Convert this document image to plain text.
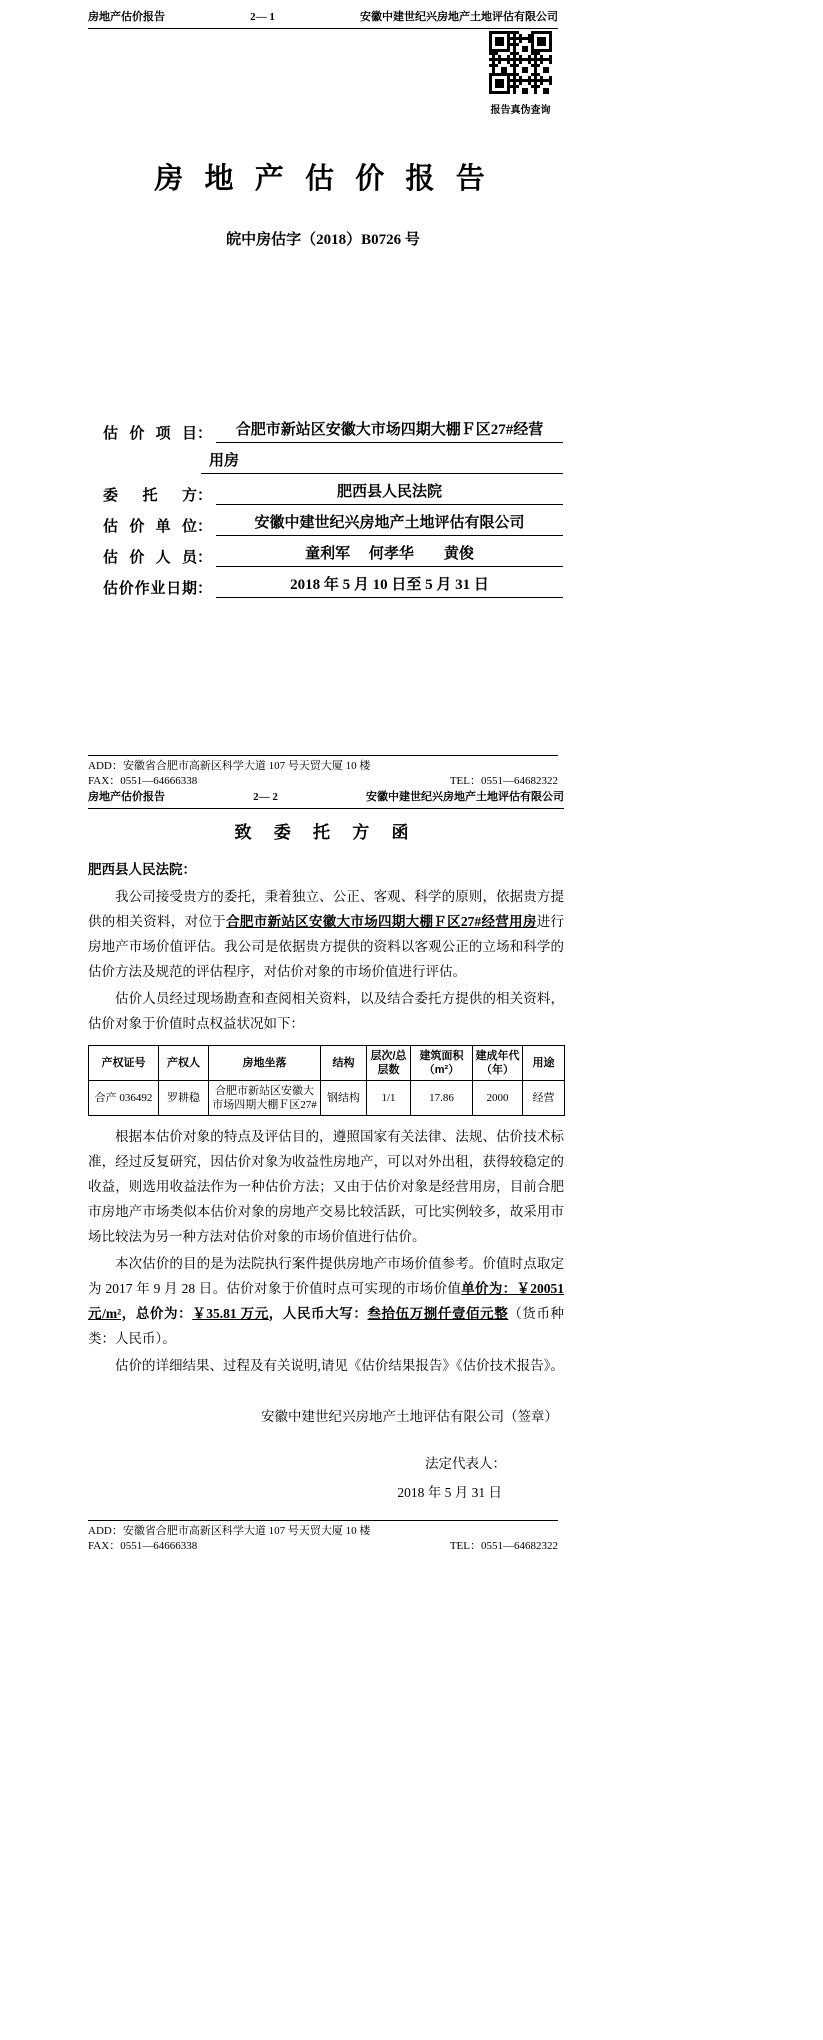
房地产估价报告	2— 1	安徽中建世纪兴房地产土地评估有限公司
报告真伪查询
房 地 产 估 价 报 告
皖中房估字（2018）B0726 号
估价项目 ：	合肥市新站区安徽大市场四期大棚Ｆ区27#经营
用房
委托方 ：	肥西县人民法院
估价单位 ：	安徽中建世纪兴房地产土地评估有限公司
估价人员 ：	童利军　 何孝华　　黄俊
估价作业日期 ：	2018 年 5 月 10 日至 5 月 31 日
ADD：安徽省合肥市高新区科学大道 107 号天贸大厦 10 楼
FAX：0551—64666338	TEL：0551—64682322
房地产估价报告	2— 2	安徽中建世纪兴房地产土地评估有限公司
致 委 托 方 函
肥西县人民法院：

我公司接受贵方的委托，秉着独立、公正、客观、科学的原则，依据贵方提供的相关资料，对位于合肥市新站区安徽大市场四期大棚Ｆ区27#经营用房进行房地产市场价值评估。我公司是依据贵方提供的资料以客观公正的立场和科学的估价方法及规范的评估程序，对估价对象的市场价值进行评估。

估价人员经过现场勘查和查阅相关资料，以及结合委托方提供的相关资料，估价对象于价值时点权益状况如下：

产权证号	产权人	房地坐落	结构	层次/总层数	建筑面积（m²）	建成年代（年）	用途
合产 036492	罗耕稳	合肥市新站区安徽大市场四期大棚Ｆ区27#	钢结构	1/1	17.86	2000	经营

根据本估价对象的特点及评估目的，遵照国家有关法律、法规、估价技术标准，经过反复研究，因估价对象为收益性房地产，可以对外出租，获得较稳定的收益，则选用收益法作为一种估价方法；又由于估价对象是经营用房，目前合肥市房地产市场类似本估价对象的房地产交易比较活跃，可比实例较多，故采用市场比较法为另一种方法对估价对象的市场价值进行估价。

本次估价的目的是为法院执行案件提供房地产市场价值参考。价值时点取定为 2017 年 9 月 28 日。估价对象于价值时点可实现的市场价值单价为：￥20051 元/m²，总价为：￥35.81 万元，人民币大写：叁拾伍万捌仟壹佰元整（货币种类：人民币）。

估价的详细结果、过程及有关说明,请见《估价结果报告》《估价技术报告》。

安徽中建世纪兴房地产土地评估有限公司（签章）
法定代表人：
2018 年 5 月 31 日
ADD：安徽省合肥市高新区科学大道 107 号天贸大厦 10 楼
FAX：0551—64666338	TEL：0551—64682322
